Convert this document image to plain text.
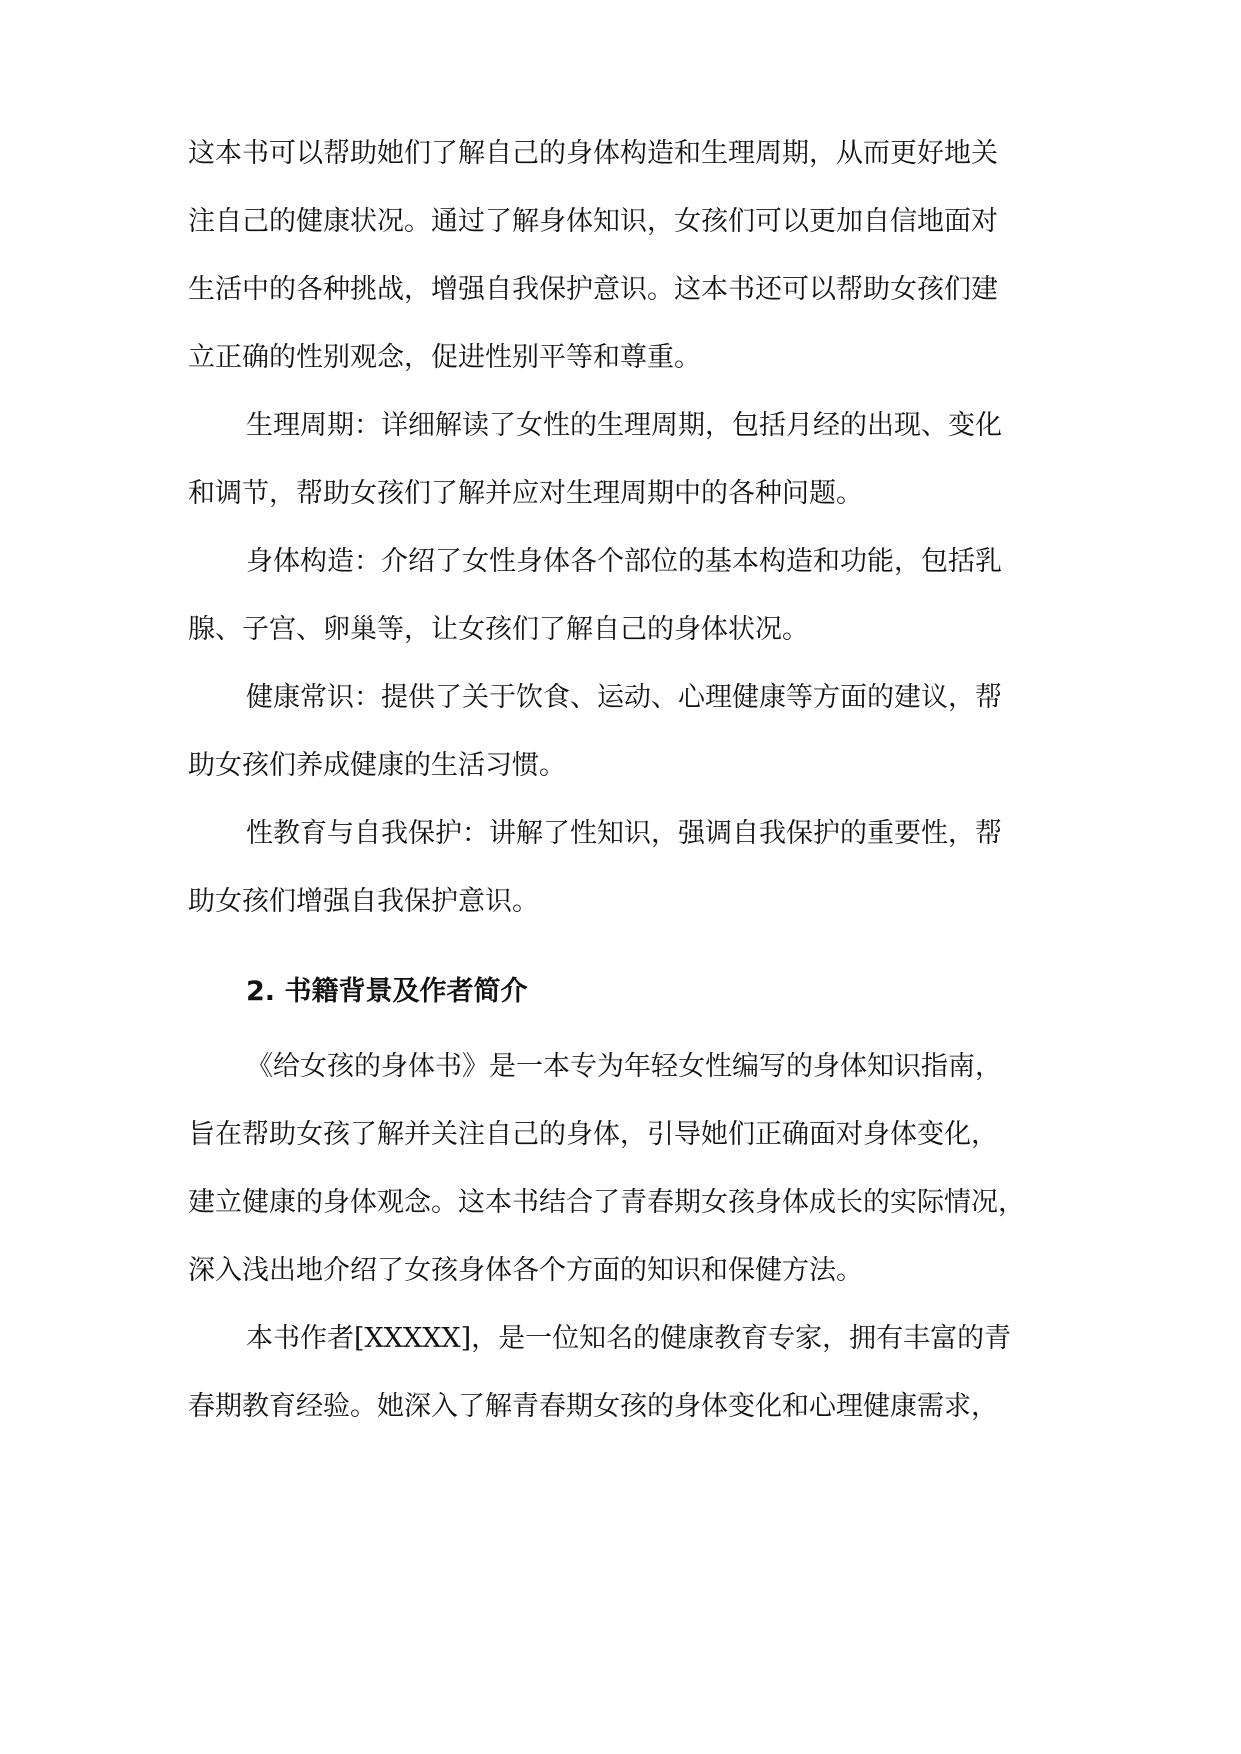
这本书可以帮助她们了解自己的身体构造和生理周期，从而更好地关
注自己的健康状况。通过了解身体知识，女孩们可以更加自信地面对
生活中的各种挑战，增强自我保护意识。这本书还可以帮助女孩们建
立正确的性别观念，促进性别平等和尊重。
生理周期：详细解读了女性的生理周期，包括月经的出现、变化
和调节，帮助女孩们了解并应对生理周期中的各种问题。
身体构造：介绍了女性身体各个部位的基本构造和功能，包括乳
腺、子宫、卵巢等，让女孩们了解自己的身体状况。
健康常识：提供了关于饮食、运动、心理健康等方面的建议，帮
助女孩们养成健康的生活习惯。
性教育与自我保护：讲解了性知识，强调自我保护的重要性，帮
助女孩们增强自我保护意识。
2. 书籍背景及作者简介
《给女孩的身体书》是一本专为年轻女性编写的身体知识指南，
旨在帮助女孩了解并关注自己的身体，引导她们正确面对身体变化，
建立健康的身体观念。这本书结合了青春期女孩身体成长的实际情况，
深入浅出地介绍了女孩身体各个方面的知识和保健方法。
本书作者[XXXXX]，是一位知名的健康教育专家，拥有丰富的青
春期教育经验。她深入了解青春期女孩的身体变化和心理健康需求，
